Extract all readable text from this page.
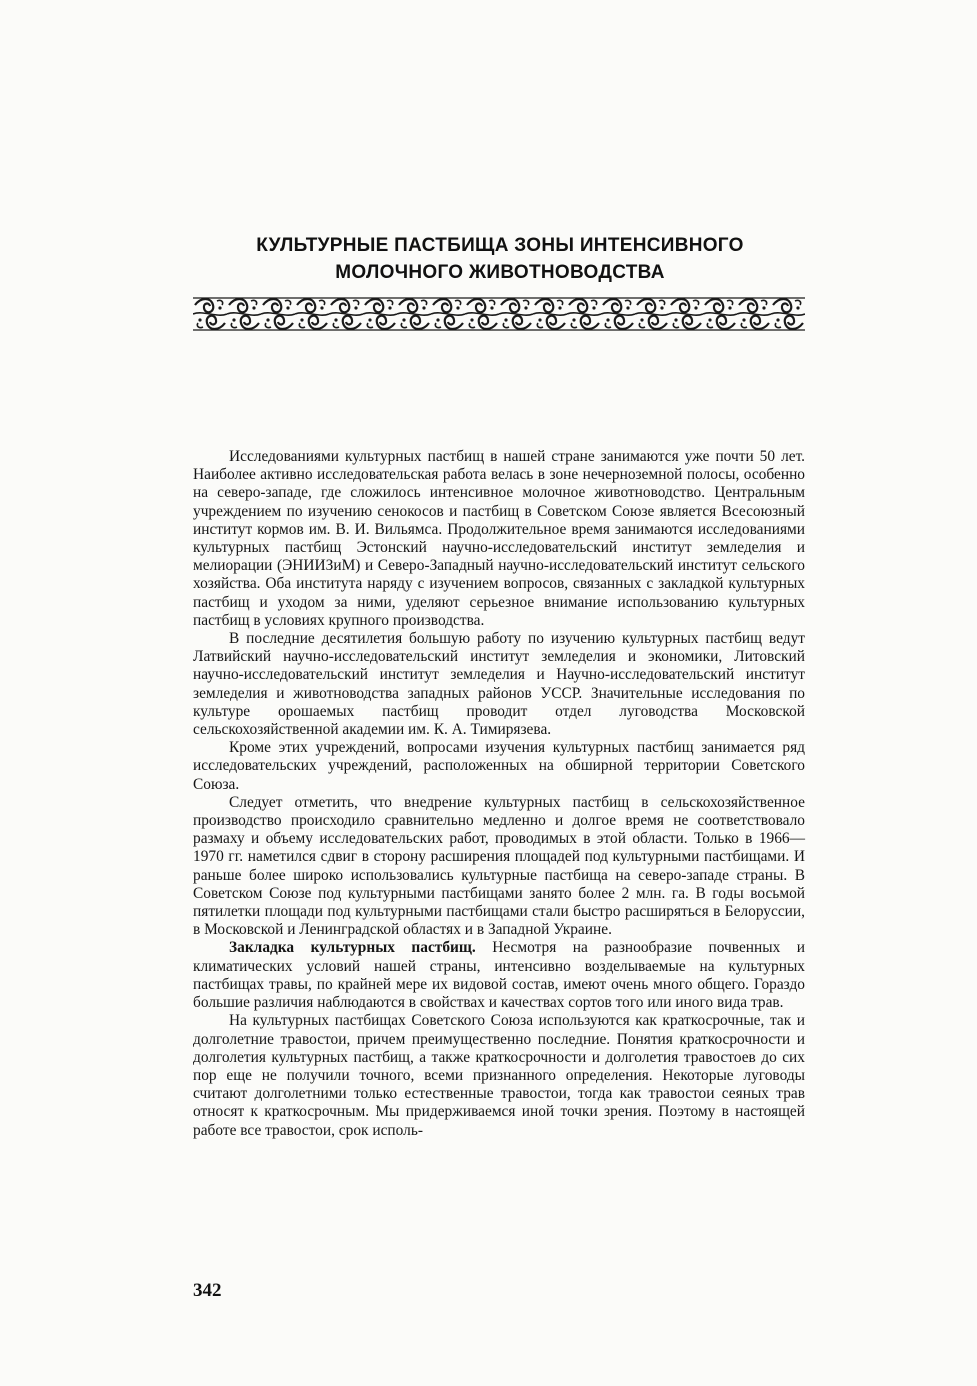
КУЛЬТУРНЫЕ ПАСТБИЩА ЗОНЫ ИНТЕНСИВНОГО
МОЛОЧНОГО ЖИВОТНОВОДСТВА

Исследованиями культурных пастбищ в нашей стране занимаются уже почти 50 лет. Наиболее активно исследовательская работа велась в зоне нечерноземной полосы, особенно на северо-западе, где сложилось интенсивное молочное животноводство. Центральным учреждением по изучению сенокосов и пастбищ в Советском Союзе является Всесоюзный институт кормов им. В. И. Вильямса. Продолжительное время занимаются исследованиями культурных пастбищ Эстонский научно-исследовательский институт земледелия и мелиорации (ЭНИИЗиМ) и Северо-Западный научно-исследовательский институт сельского хозяйства. Оба института наряду с изучением вопросов, связанных с закладкой культурных пастбищ и уходом за ними, уделяют серьезное внимание использованию культурных пастбищ в условиях крупного производства.

В последние десятилетия большую работу по изучению культурных пастбищ ведут Латвийский научно-исследовательский институт земледелия и экономики, Литовский научно-исследовательский институт земледелия и Научно-исследовательский институт земледелия и животноводства западных районов УССР. Значительные исследования по культуре орошаемых пастбищ проводит отдел луговодства Московской сельскохозяйственной академии им. К. А. Тимирязева.

Кроме этих учреждений, вопросами изучения культурных пастбищ занимается ряд исследовательских учреждений, расположенных на обширной территории Советского Союза.

Следует отметить, что внедрение культурных пастбищ в сельскохозяйственное производство происходило сравнительно медленно и долгое время не соответствовало размаху и объему исследовательских работ, проводимых в этой области. Только в 1966—1970 гг. наметился сдвиг в сторону расширения площадей под культурными пастбищами. И раньше более широко использовались культурные пастбища на северо-западе страны. В Советском Союзе под культурными пастбищами занято более 2 млн. га. В годы восьмой пятилетки площади под культурными пастбищами стали быстро расширяться в Белоруссии, в Московской и Ленинградской областях и в Западной Украине.

Закладка культурных пастбищ. Несмотря на разнообразие почвенных и климатических условий нашей страны, интенсивно возделываемые на культурных пастбищах травы, по крайней мере их видовой состав, имеют очень много общего. Гораздо большие различия наблюдаются в свойствах и качествах сортов того или иного вида трав.

На культурных пастбищах Советского Союза используются как краткосрочные, так и долголетние травостои, причем преимущественно последние. Понятия краткосрочности и долголетия культурных пастбищ, а также краткосрочности и долголетия травостоев до сих пор еще не получили точного, всеми признанного определения. Некоторые луговоды считают долголетними только естественные травостои, тогда как травостои сеяных трав относят к краткосрочным. Мы придерживаемся иной точки зрения. Поэтому в настоящей работе все травостои, срок исполь-

342
